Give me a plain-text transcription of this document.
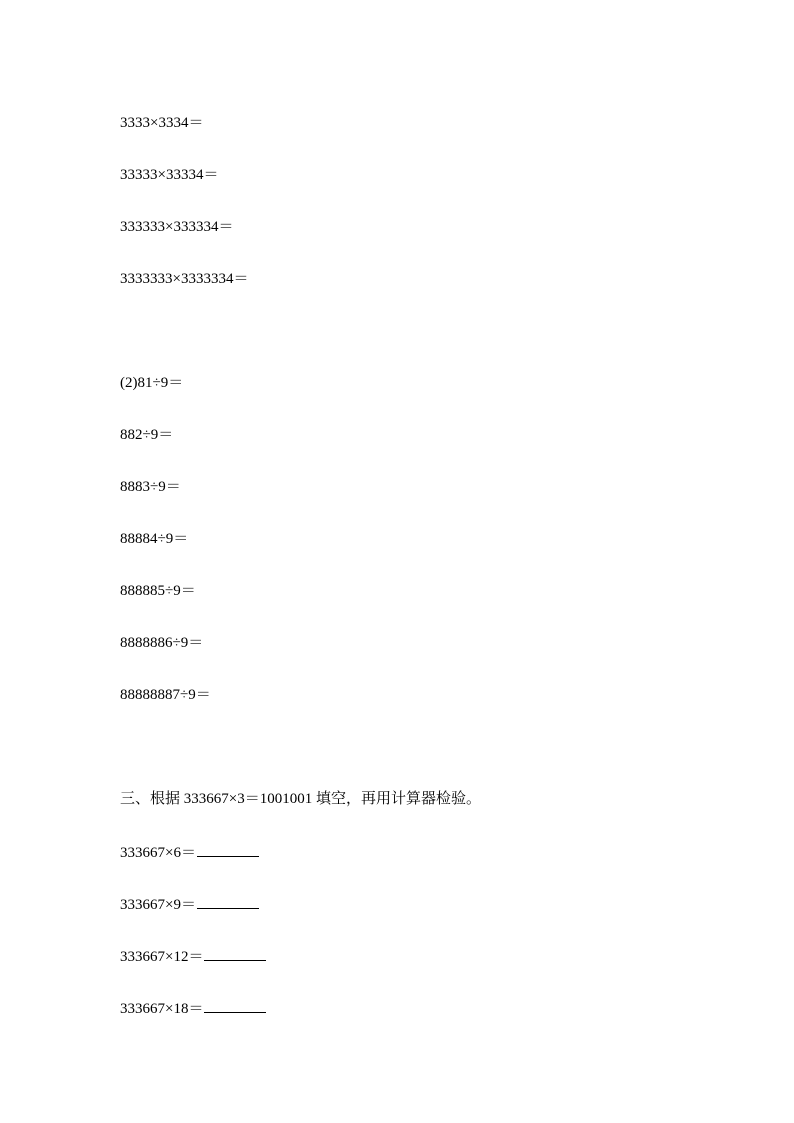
3333×3334＝
33333×33334＝
333333×333334＝
3333333×3333334＝
(2)81÷9＝
882÷9＝
8883÷9＝
88884÷9＝
888885÷9＝
8888886÷9＝
88888887÷9＝
三、根据 333667×3＝1001001 填空，再用计算器检验。
333667×6＝
333667×9＝
333667×12＝
333667×18＝
